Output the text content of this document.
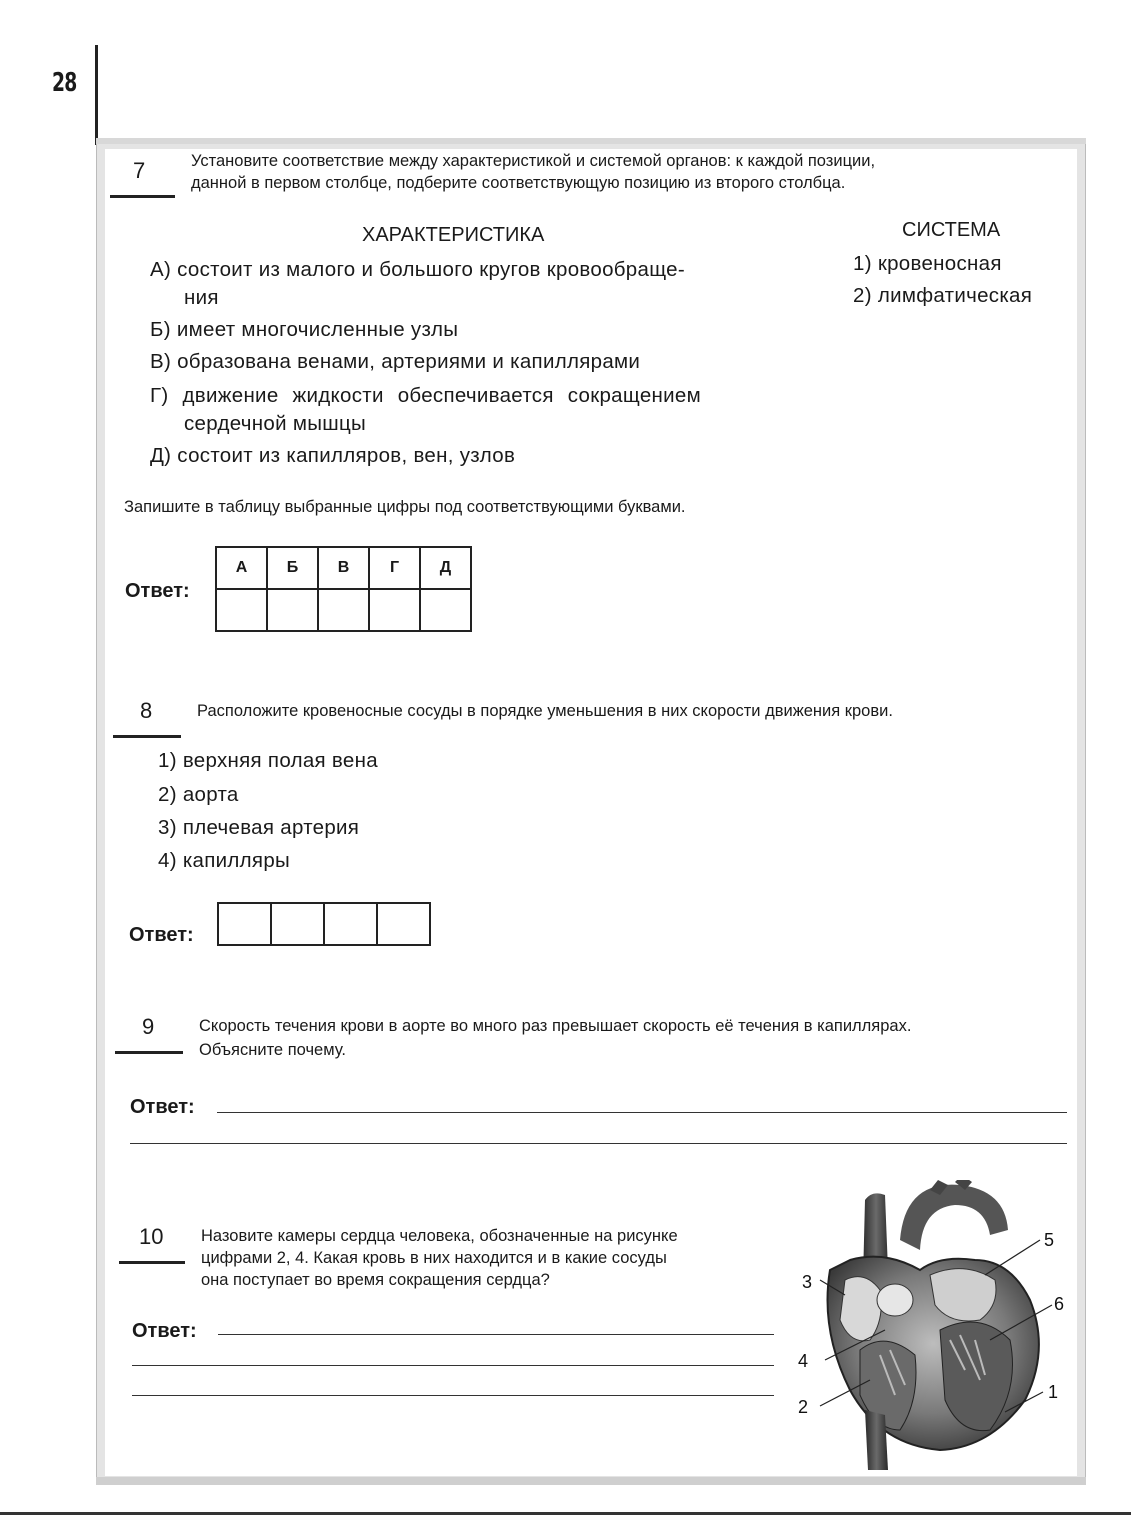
28
7	Установите соответствие между характеристикой и системой органов: к каждой позиции,
данной в первом столбце, подберите соответствующую позицию из второго столбца.
ХАРАКТЕРИСТИКА	СИСТЕМА
А) состоит из малого и большого кругов кровообраще-
ния
Б) имеет многочисленные узлы
В) образована венами, артериями и капиллярами
Г) движение жидкости обеспечивается сокращением
сердечной мышцы
Д) состоит из капилляров, вен, узлов
1) кровеносная
2) лимфатическая
Запишите в таблицу выбранные цифры под соответствующими буквами.
Ответ:
А	Б	В	Г	Д

8	Расположите кровеносные сосуды в порядке уменьшения в них скорости движения крови.
1) верхняя полая вена
2) аорта
3) плечевая артерия
4) капилляры
Ответ:
9	Скорость течения крови в аорте во много раз превышает скорость её течения в капиллярах.
Объясните почему.
Ответ:
10 Назовите камеры сердца человека, обозначенные на рисунке
цифрами 2, 4. Какая кровь в них находится и в какие сосуды
она поступает во время сокращения сердца?
Ответ:
1
2
3
4
5
6
